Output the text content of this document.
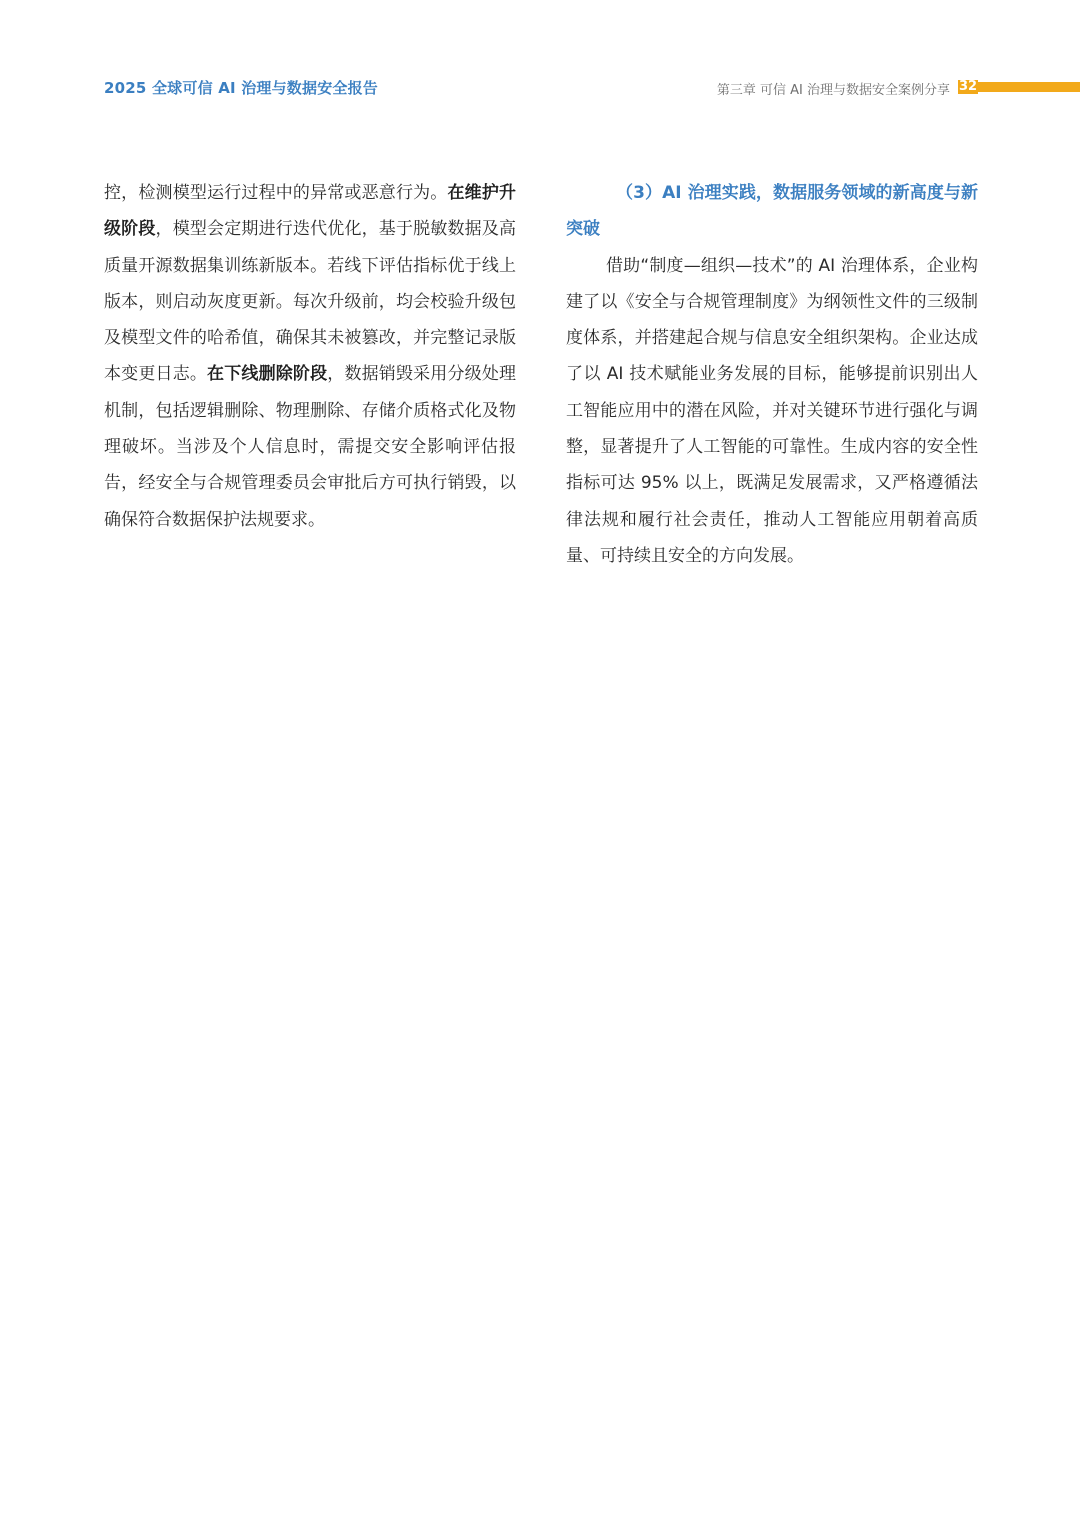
2025 全球可信 AI 治理与数据安全报告	第三章 可信 AI 治理与数据安全案例分享 32

控，检测模型运行过程中的异常或恶意行为。在维护升级阶段，模型会定期进行迭代优化，基于脱敏数据及高质量开源数据集训练新版本。若线下评估指标优于线上版本，则启动灰度更新。每次升级前，均会校验升级包及模型文件的哈希值，确保其未被篡改，并完整记录版本变更日志。在下线删除阶段，数据销毁采用分级处理机制，包括逻辑删除、物理删除、存储介质格式化及物理破坏。当涉及个人信息时，需提交安全影响评估报告，经安全与合规管理委员会审批后方可执行销毁，以确保符合数据保护法规要求。

（3）AI 治理实践，数据服务领域的新高度与新突破

借助“制度—组织—技术”的 AI 治理体系，企业构建了以《安全与合规管理制度》为纲领性文件的三级制度体系，并搭建起合规与信息安全组织架构。企业达成了以 AI 技术赋能业务发展的目标，能够提前识别出人工智能应用中的潜在风险，并对关键环节进行强化与调整，显著提升了人工智能的可靠性。生成内容的安全性指标可达 95% 以上，既满足发展需求，又严格遵循法律法规和履行社会责任，推动人工智能应用朝着高质量、可持续且安全的方向发展。
